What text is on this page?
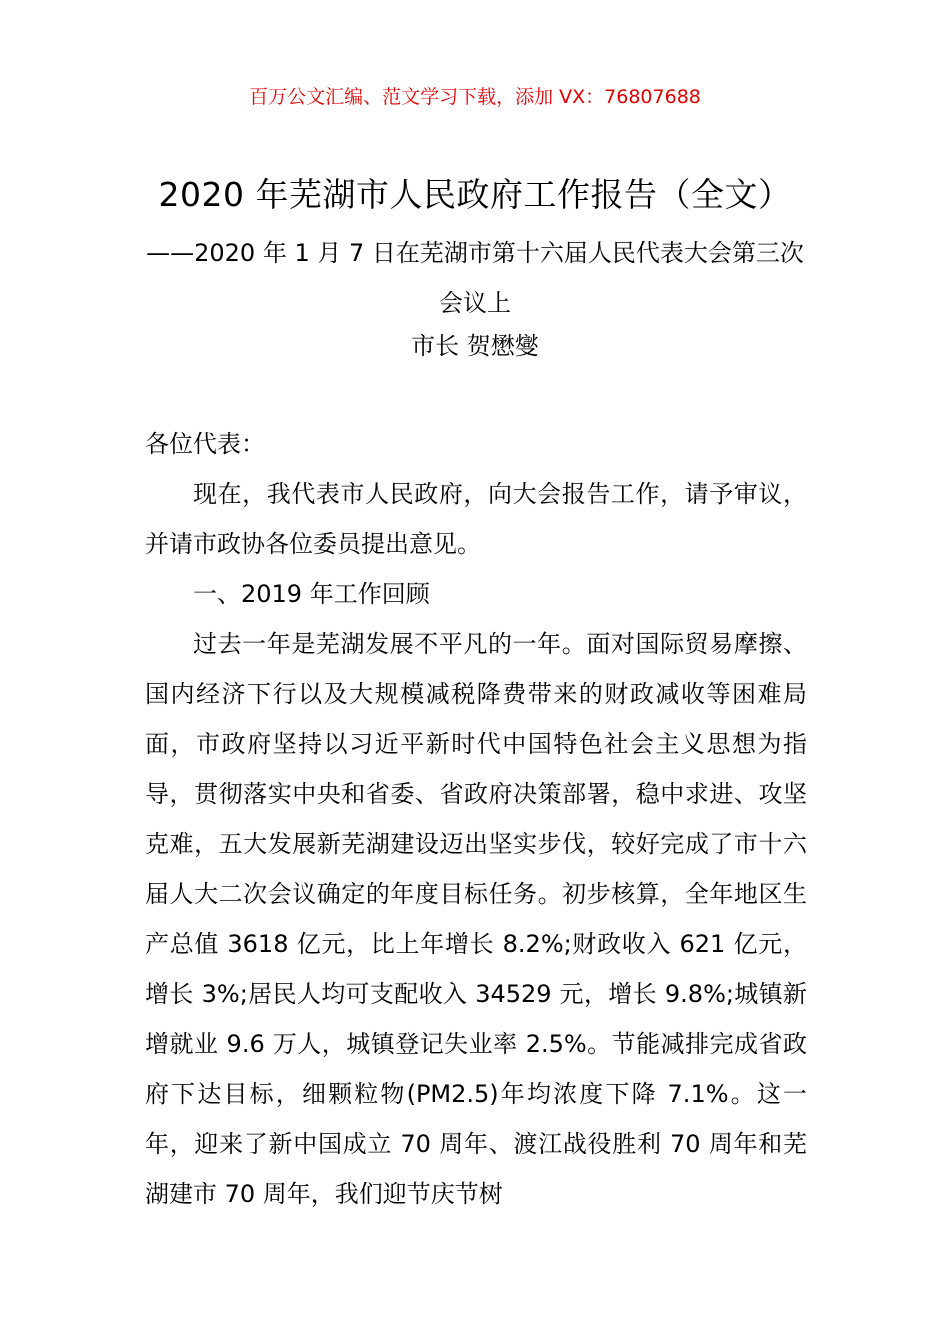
百万公文汇编、范文学习下载，添加 VX：76807688
2020 年芜湖市人民政府工作报告（全文）
——2020 年 1 月 7 日在芜湖市第十六届人民代表大会第三次会议上
市长 贺懋燮

各位代表：

现在，我代表市人民政府，向大会报告工作，请予审议，并请市政协各位委员提出意见。

一、2019 年工作回顾

过去一年是芜湖发展不平凡的一年。面对国际贸易摩擦、国内经济下行以及大规模减税降费带来的财政减收等困难局面，市政府坚持以习近平新时代中国特色社会主义思想为指导，贯彻落实中央和省委、省政府决策部署，稳中求进、攻坚克难，五大发展新芜湖建设迈出坚实步伐，较好完成了市十六届人大二次会议确定的年度目标任务。初步核算，全年地区生产总值 3618 亿元，比上年增长 8.2%;财政收入 621 亿元，增长 3%;居民人均可支配收入 34529 元，增长 9.8%;城镇新增就业 9.6 万人，城镇登记失业率 2.5%。节能减排完成省政府下达目标，细颗粒物(PM2.5)年均浓度下降 7.1%。这一年，迎来了新中国成立 70 周年、渡江战役胜利 70 周年和芜湖建市 70 周年，我们迎节庆节树
